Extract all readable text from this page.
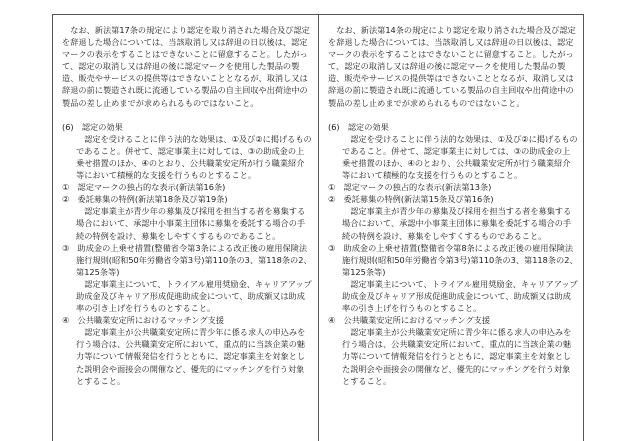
　なお、新法第17条の規定により認定を取り消された場合及び認定を辞退した場合については、当該取消し又は辞退の日以後は、認定マークの表示をすることはできないことに留意すること。したがって、認定の取消し又は辞退の後に認定マークを使用した製品の製造、販売やサービスの提供等はできないこととなるが、取消し又は辞退の前に製造され既に流通している製品の自主回収や出荷途中の製品の差し止めまでが求められるものではないこと。

(6)　 認定の効果

認定を受けることに伴う法的な効果は、①及び②に掲げるものであること。併せて、認定事業主に対しては、③の助成金の上乗せ措置のほか、④のとおり、公共職業安定所が行う職業紹介等において積極的な支援を行うものとすること。

①　 認定マークの独占的な表示(新法第16条)

②　 委託募集の特例(新法第18条及び第19条)

認定事業主が青少年の募集及び採用を担当する者を募集する場合において、承認中小事業主団体に募集を委託する場合の手続の特例を設け、募集をしやすくするものであること。

③　 助成金の上乗せ措置(整備省令第3条による改正後の雇用保険法施行規則(昭和50年労働省令第3号)第110条の3、第118条の2、第125条等)

認定事業主について、トライアル雇用奨励金、キャリアアップ助成金及びキャリア形成促進助成金について、助成額又は助成率の引き上げを行うものとすること。

④　 公共職業安定所におけるマッチング支援

認定事業主が公共職業安定所に青少年に係る求人の申込みを行う場合は、公共職業安定所において、重点的に当該企業の魅力等について情報発信を行うとともに、認定事業主を対象とした説明会や面接会の開催など、優先的にマッチングを行う対象とすること。

　なお、新法第14条の規定により認定を取り消された場合及び認定を辞退した場合については、当該取消し又は辞退の日以後は、認定マークの表示をすることはできないことに留意すること。したがって、認定の取消し又は辞退の後に認定マークを使用した製品の製造、販売やサービスの提供等はできないこととなるが、取消し又は辞退の前に製造され既に流通している製品の自主回収や出荷途中の製品の差し止めまでが求められるものではないこと。

(6)　 認定の効果

認定を受けることに伴う法的な効果は、①及び②に掲げるものであること。併せて、認定事業主に対しては、③の助成金の上乗せ措置のほか、④のとおり、公共職業安定所が行う職業紹介等において積極的な支援を行うものとすること。

①　 認定マークの独占的な表示(新法第13条)

②　 委託募集の特例(新法第15条及び第16条)

認定事業主が青少年の募集及び採用を担当する者を募集する場合において、承認中小事業主団体に募集を委託する場合の手続の特例を設け、募集をしやすくするものであること。

③　 助成金の上乗せ措置(整備省令第8条による改正後の雇用保険法施行規則(昭和50年労働省令第3号)第110条の3、第118条の2、第125条等)

認定事業主について、トライアル雇用奨励金、キャリアアップ助成金及びキャリア形成促進助成金について、助成額又は助成率の引き上げを行うものとすること。

④　 公共職業安定所におけるマッチング支援

認定事業主が公共職業安定所に青少年に係る求人の申込みを行う場合は、公共職業安定所において、重点的に当該企業の魅力等について情報発信を行うとともに、認定事業主を対象とした説明会や面接会の開催など、優先的にマッチングを行う対象とすること。
